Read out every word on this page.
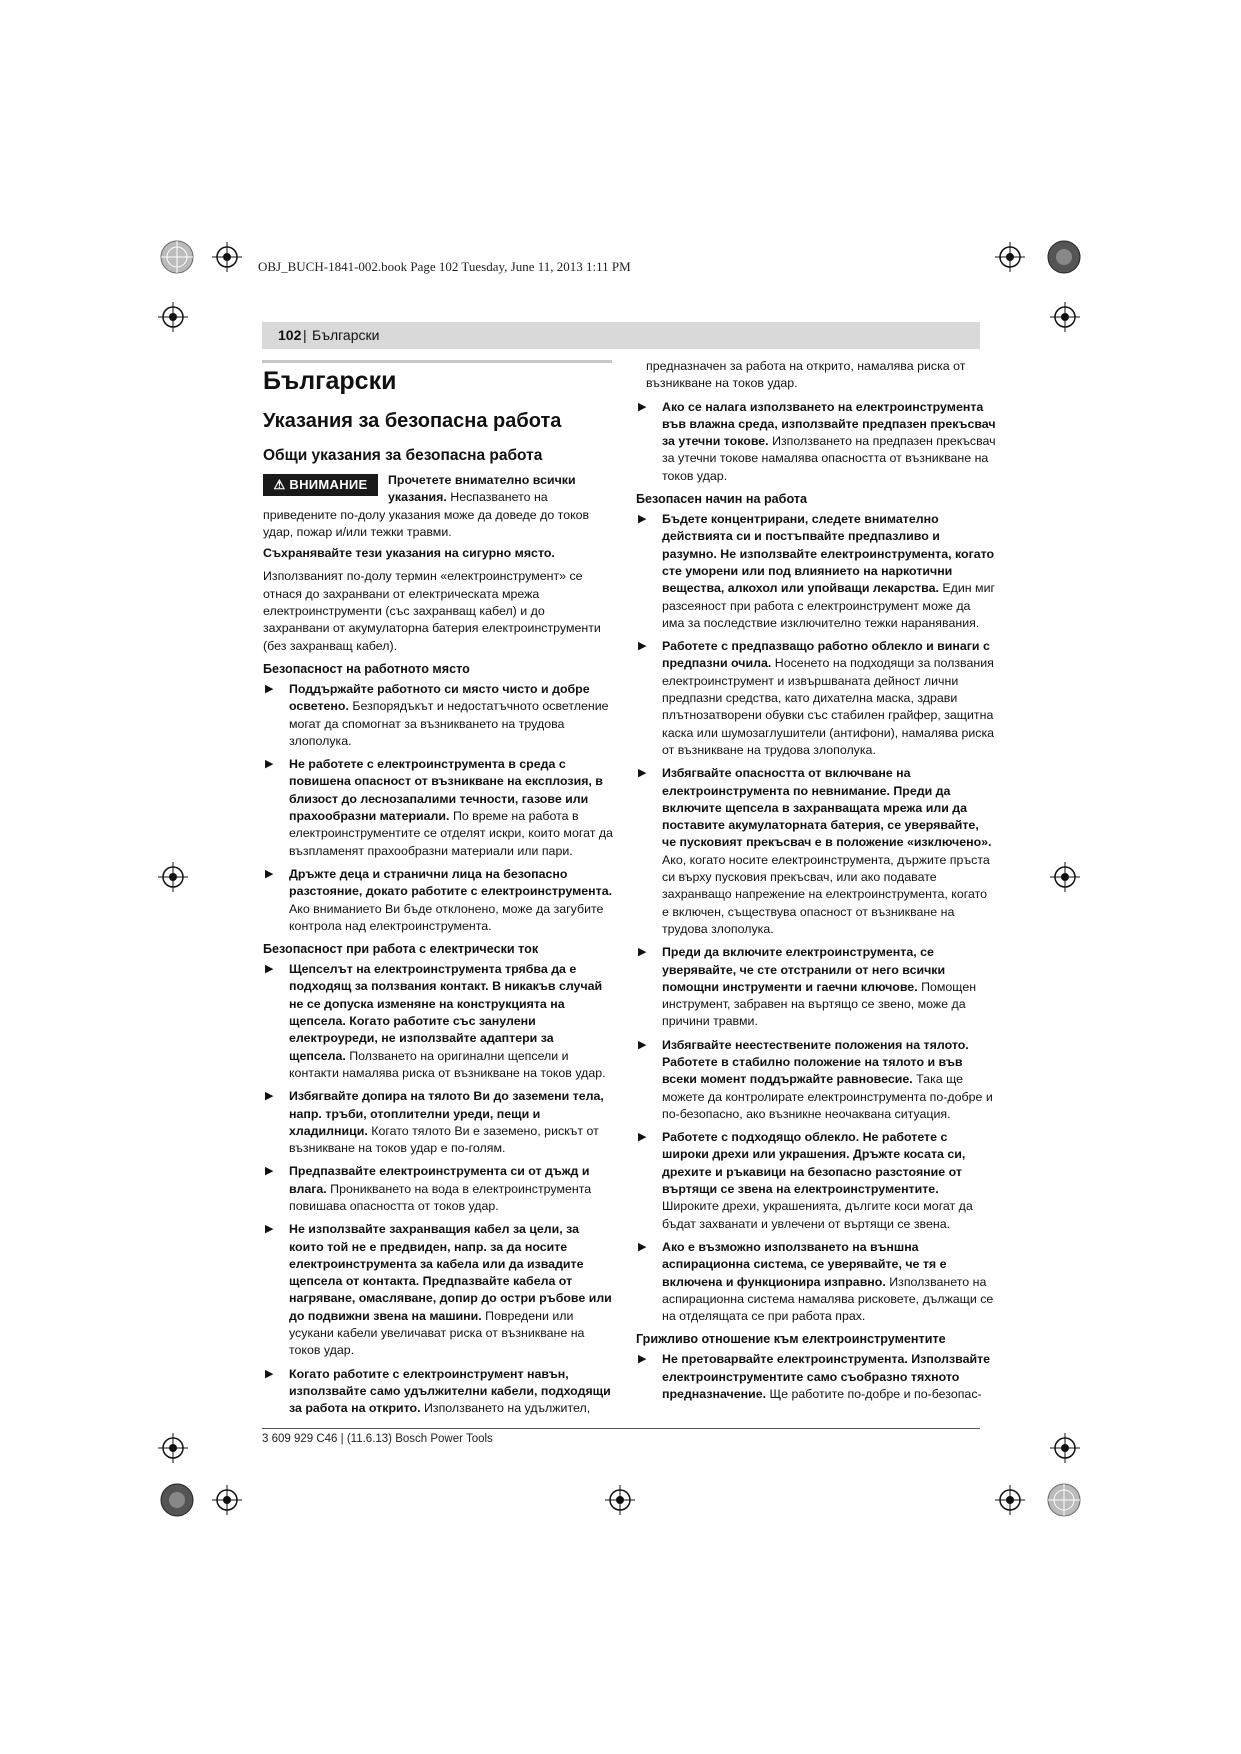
OBJ_BUCH-1841-002.book Page 102 Tuesday, June 11, 2013 1:11 PM
102 | Български
Български
Указания за безопасна работа
Общи указания за безопасна работа
⚠ ВНИМАНИЕ	Прочетете внимателно всички указания. Неспазването на приведените по-долу указания може да доведе до токов удар, пожар и/или тежки травми.

Съхранявайте тези указания на сигурно място.

Използваният по-долу термин «електроинструмент» се отнася до захранвани от електрическата мрежа електроинструменти (със захранващ кабел) и до захранвани от акумулаторна батерия електроинструменти (без захранващ кабел).

Безопасност на работното място
▶ Поддържайте работното си място чисто и добре осветено. Безпорядъкът и недостатъчното осветление могат да спомогнат за възникването на трудова злополука.
▶ Не работете с електроинструмента в среда с повишена опасност от възникване на експлозия, в близост до леснозапалими течности, газове или прахообразни материали. По време на работа в електроинструментите се отделят искри, които могат да възпламенят прахообразни материали или пари.
▶ Дръжте деца и странични лица на безопасно разстояние, докато работите с електроинструмента. Ако вниманието Ви бъде отклонено, може да загубите контрола над електроинструмента.
Безопасност при работа с електрически ток
▶ Щепселът на електроинструмента трябва да е подходящ за ползвания контакт. В никакъв случай не се допуска изменяне на конструкцията на щепсела. Когато работите със занулени електроуреди, не използвайте адаптери за щепсела. Ползването на оригинални щепсели и контакти намалява риска от възникване на токов удар.
▶ Избягвайте допира на тялото Ви до заземени тела, напр. тръби, отоплителни уреди, пещи и хладилници. Когато тялото Ви е заземено, рискът от възникване на токов удар е по-голям.
▶ Предпазвайте електроинструмента си от дъжд и влага. Проникването на вода в електроинструмента повишава опасността от токов удар.
▶ Не използвайте захранващия кабел за цели, за които той не е предвиден, напр. за да носите електроинструмента за кабела или да извадите щепсела от контакта. Предпазвайте кабела от нагряване, омасляване, допир до остри ръбове или до подвижни звена на машини. Повредени или усукани кабели увеличават риска от възникване на токов удар.
▶ Когато работите с електроинструмент навън, използвайте само удължителни кабели, подходящи за работа на открито. Използването на удължител,

предназначен за работа на открито, намалява риска от възникване на токов удар.

▶ Ако се налага използването на електроинструмента във влажна среда, използвайте предпазен прекъсвач за утечни токове. Използването на предпазен прекъсвач за утечни токове намалява опасността от възникване на токов удар.
Безопасен начин на работа
▶ Бъдете концентрирани, следете внимателно действията си и постъпвайте предпазливо и разумно. Не използвайте електроинструмента, когато сте уморени или под влиянието на наркотични вещества, алкохол или упойващи лекарства. Един миг разсеяност при работа с електроинструмент може да има за последствие изключително тежки наранявания.
▶ Работете с предпазващо работно облекло и винаги с предпазни очила. Носенето на подходящи за ползвания електроинструмент и извършваната дейност лични предпазни средства, като дихателна маска, здрави плътнозатворени обувки със стабилен грайфер, защитна каска или шумозаглушители (антифони), намалява риска от възникване на трудова злополука.
▶ Избягвайте опасността от включване на електроинструмента по невнимание. Преди да включите щепсела в захранващата мрежа или да поставите акумулаторната батерия, се уверявайте, че пусковият прекъсвач е в положение «изключено». Ако, когато носите електроинструмента, държите пръста си върху пусковия прекъсвач, или ако подавате захранващо напрежение на електроинструмента, когато е включен, съществува опасност от възникване на трудова злополука.
▶ Преди да включите електроинструмента, се уверявайте, че сте отстранили от него всички помощни инструменти и гаечни ключове. Помощен инструмент, забравен на въртящо се звено, може да причини травми.
▶ Избягвайте неестествените положения на тялото. Работете в стабилно положение на тялото и във всеки момент поддържайте равновесие. Така ще можете да контролирате електроинструмента по-добре и по-безопасно, ако възникне неочаквана ситуация.
▶ Работете с подходящо облекло. Не работете с широки дрехи или украшения. Дръжте косата си, дрехите и ръкавици на безопасно разстояние от въртящи се звена на електроинструментите. Широките дрехи, украшенията, дългите коси могат да бъдат захванати и увлечени от въртящи се звена.
▶ Ако е възможно използването на външна аспирационна система, се уверявайте, че тя е включена и функционира изправно. Използването на аспирационна система намалява рисковете, дължащи се на отделящата се при работа прах.
Грижливо отношение към електроинструментите
▶ Не претоварвайте електроинструмента. Използвайте електроинструментите само съобразно тяхното предназначение. Ще работите по-добре и по-безопас-
3 609 929 C46 | (11.6.13) Bosch Power Tools
